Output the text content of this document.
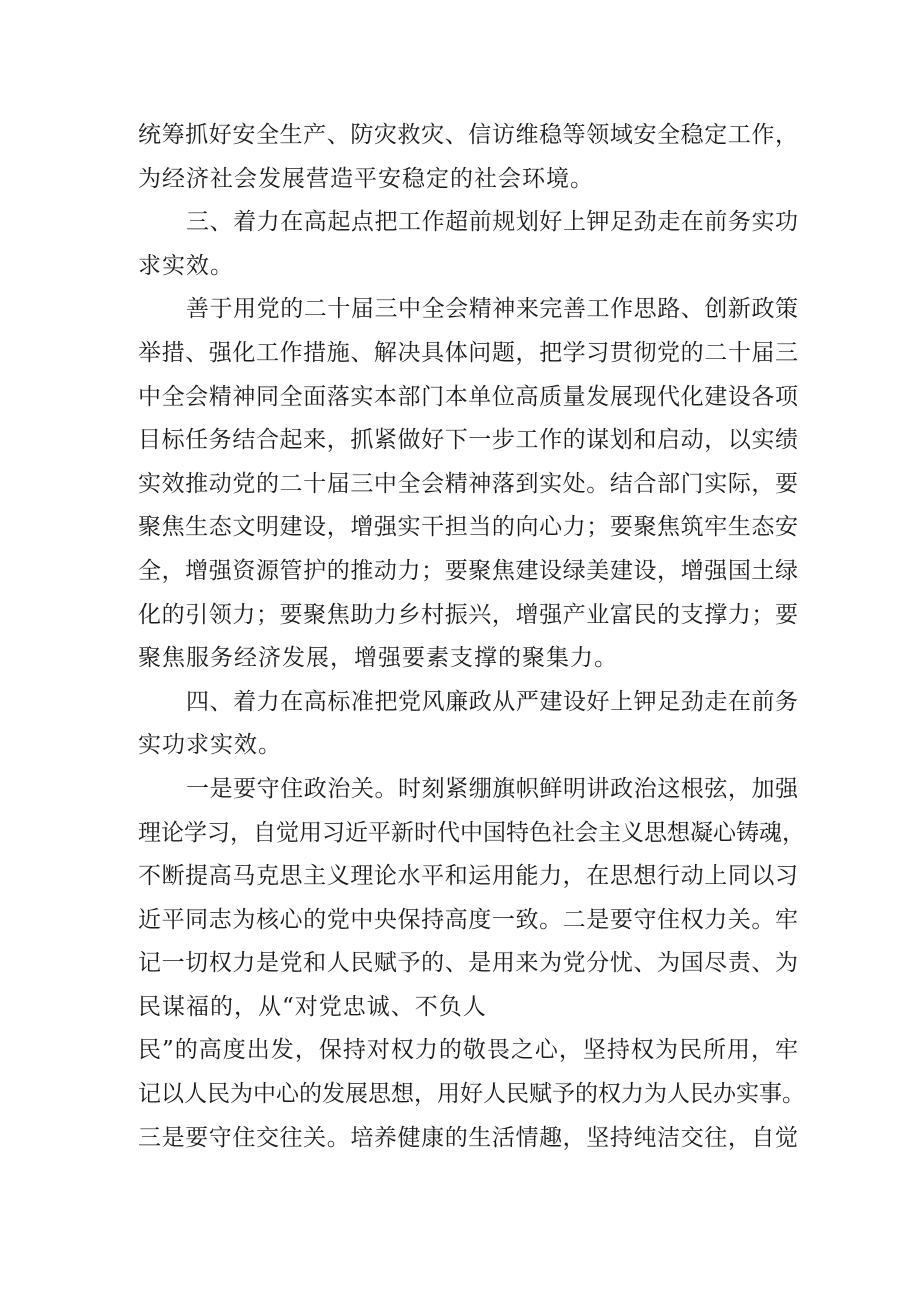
统筹抓好安全生产、防灾救灾、信访维稳等领域安全稳定工作，
为经济社会发展营造平安稳定的社会环境。
三、着力在高起点把工作超前规划好上钾足劲走在前务实功
求实效。
善于用党的二十届三中全会精神来完善工作思路、创新政策
举措、强化工作措施、解决具体问题，把学习贯彻党的二十届三
中全会精神同全面落实本部门本单位高质量发展现代化建设各项
目标任务结合起来，抓紧做好下一步工作的谋划和启动，以实绩
实效推动党的二十届三中全会精神落到实处。结合部门实际，要
聚焦生态文明建设，增强实干担当的向心力；要聚焦筑牢生态安
全，增强资源管护的推动力；要聚焦建设绿美建设，增强国土绿
化的引领力；要聚焦助力乡村振兴，增强产业富民的支撑力；要
聚焦服务经济发展，增强要素支撑的聚集力。
四、着力在高标准把党风廉政从严建设好上钾足劲走在前务
实功求实效。
一是要守住政治关。时刻紧绷旗帜鲜明讲政治这根弦，加强
理论学习，自觉用习近平新时代中国特色社会主义思想凝心铸魂，
不断提高马克思主义理论水平和运用能力，在思想行动上同以习
近平同志为核心的党中央保持高度一致。二是要守住权力关。牢
记一切权力是党和人民赋予的、是用来为党分忧、为国尽责、为
民谋福的，从“对党忠诚、不负人
民”的高度出发，保持对权力的敬畏之心，坚持权为民所用，牢
记以人民为中心的发展思想，用好人民赋予的权力为人民办实事。
三是要守住交往关。培养健康的生活情趣，坚持纯洁交往，自觉
